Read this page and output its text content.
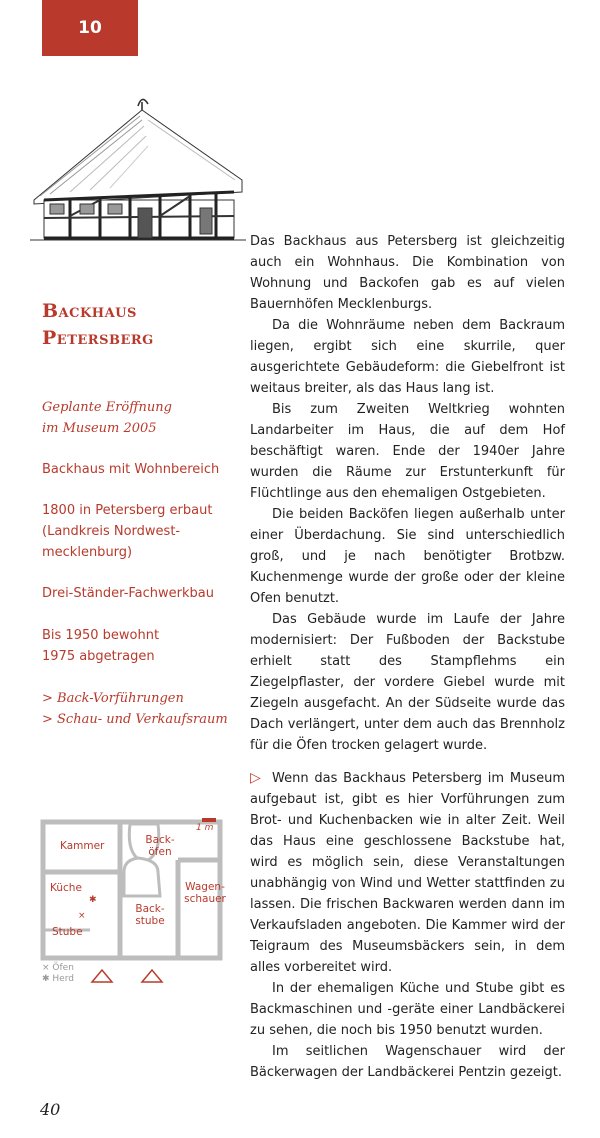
10
Backhaus
Petersberg
Geplante Eröffnung
im Museum 2005
Backhaus mit Wohnbereich
1800 in Petersberg erbaut
(Landkreis Nordwest-
mecklenburg)
Drei-Ständer-Fachwerkbau
Bis 1950 bewohnt
1975 abgetragen
> Back-Vorführungen
> Schau- und Verkaufsraum

Das Backhaus aus Petersberg ist gleichzeitig auch ein Wohnhaus. Die Kombination von Wohnung und Backofen gab es auf vielen Bauernhöfen Mecklenburgs.

Da die Wohnräume neben dem Backraum liegen, ergibt sich eine skurrile, quer ausgerichtete Gebäudeform: die Giebelfront ist weitaus breiter, als das Haus lang ist.

Bis zum Zweiten Weltkrieg wohnten Landarbeiter im Haus, die auf dem Hof beschäftigt waren. Ende der 1940er Jahre wurden die Räume zur Erstunterkunft für Flüchtlinge aus den ehemaligen Ostgebieten.

Die beiden Backöfen liegen außerhalb unter einer Überdachung. Sie sind unterschiedlich groß, und je nach benötigter Brotbzw. Kuchenmenge wurde der große oder der kleine Ofen benutzt.

Das Gebäude wurde im Laufe der Jahre modernisiert: Der Fußboden der Backstube erhielt statt des Stampflehms ein Ziegelpflaster, der vordere Giebel wurde mit Ziegeln ausgefacht. An der Südseite wurde das Dach verlängert, unter dem auch das Brennholz für die Öfen trocken gelagert wurde.

▷ Wenn das Backhaus Petersberg im Museum aufgebaut ist, gibt es hier Vorführungen zum Brot- und Kuchenbacken wie in alter Zeit. Weil das Haus eine geschlossene Backstube hat, wird es möglich sein, diese Veranstaltungen unabhängig von Wind und Wetter stattfinden zu lassen. Die frischen Backwaren werden dann im Verkaufsladen angeboten. Die Kammer wird der Teigraum des Museumsbäckers sein, in dem alles vorbereitet wird.

In der ehemaligen Küche und Stube gibt es Backmaschinen und -geräte einer Landbäckerei zu sehen, die noch bis 1950 benutzt wurden.

Im seitlichen Wagenschauer wird der Bäckerwagen der Landbäckerei Pentzin gezeigt.

✱
×
Kammer	Back-
öfen
1 m
Küche
Back-
stube
Wagen-
schauer
Stube
× Öfen
✱ Herd
40
